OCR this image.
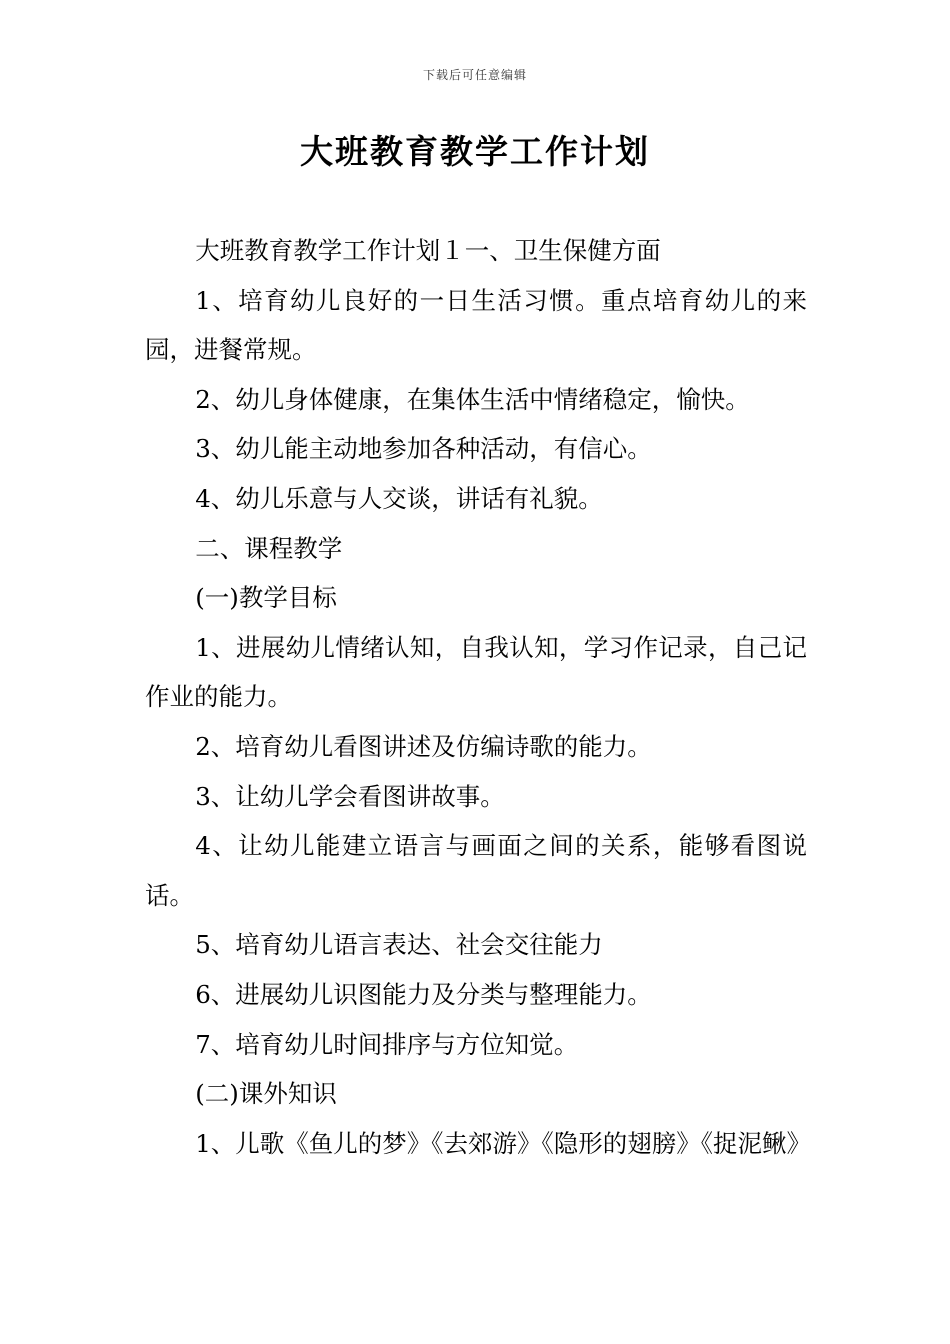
下载后可任意编辑
大班教育教学工作计划

大班教育教学工作计划１一、卫生保健方面

1、培育幼儿良好的一日生活习惯。重点培育幼儿的来园，进餐常规。

2、幼儿身体健康，在集体生活中情绪稳定，愉快。

3、幼儿能主动地参加各种活动，有信心。

4、幼儿乐意与人交谈，讲话有礼貌。

二、课程教学

(一)教学目标

1、进展幼儿情绪认知，自我认知，学习作记录，自己记作业的能力。

2、培育幼儿看图讲述及仿编诗歌的能力。

3、让幼儿学会看图讲故事。

4、让幼儿能建立语言与画面之间的关系，能够看图说话。

5、培育幼儿语言表达、社会交往能力

6、进展幼儿识图能力及分类与整理能力。

7、培育幼儿时间排序与方位知觉。

(二)课外知识

1、儿歌《鱼儿的梦》《去郊游》《隐形的翅膀》《捉泥鳅》
